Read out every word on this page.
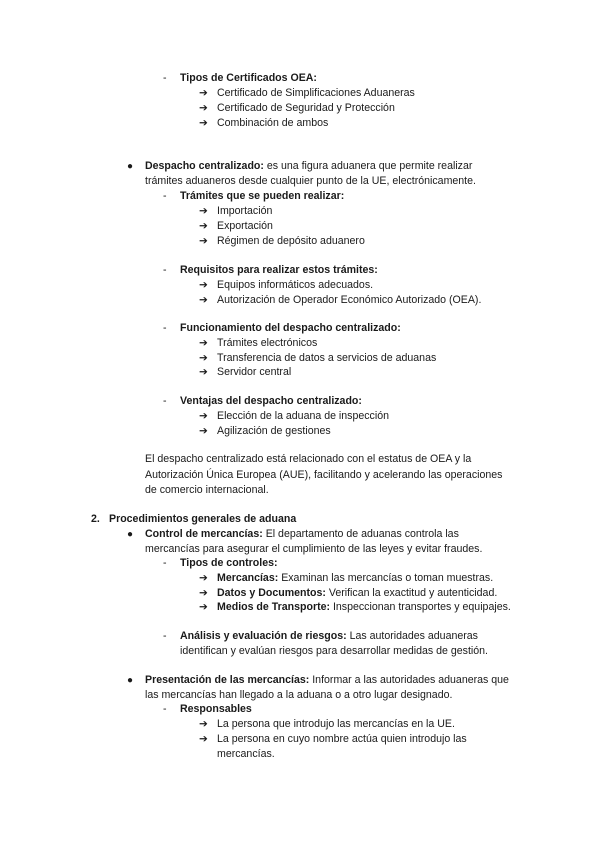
- Tipos de Certificados OEA:
➔ Certificado de Simplificaciones Aduaneras
➔ Certificado de Seguridad y Protección
➔ Combinación de ambos
● Despacho centralizado: es una figura aduanera que permite realizar
trámites aduaneros desde cualquier punto de la UE, electrónicamente.
- Trámites que se pueden realizar:
➔ Importación
➔ Exportación
➔ Régimen de depósito aduanero
- Requisitos para realizar estos trámites:
➔ Equipos informáticos adecuados.
➔ Autorización de Operador Económico Autorizado (OEA).
- Funcionamiento del despacho centralizado:
➔ Trámites electrónicos
➔ Transferencia de datos a servicios de aduanas
➔ Servidor central
- Ventajas del despacho centralizado:
➔ Elección de la aduana de inspección
➔ Agilización de gestiones
El despacho centralizado está relacionado con el estatus de OEA y la
Autorización Única Europea (AUE), facilitando y acelerando las operaciones
de comercio internacional.
2. Procedimientos generales de aduana
● Control de mercancías: El departamento de aduanas controla las
mercancías para asegurar el cumplimiento de las leyes y evitar fraudes.
- Tipos de controles:
➔ Mercancías: Examinan las mercancías o toman muestras.
➔ Datos y Documentos: Verifican la exactitud y autenticidad.
➔ Medios de Transporte: Inspeccionan transportes y equipajes.
- Análisis y evaluación de riesgos: Las autoridades aduaneras
identifican y evalúan riesgos para desarrollar medidas de gestión.
● Presentación de las mercancías: Informar a las autoridades aduaneras que
las mercancías han llegado a la aduana o a otro lugar designado.
- Responsables
➔ La persona que introdujo las mercancías en la UE.
➔ La persona en cuyo nombre actúa quien introdujo las
mercancías.
